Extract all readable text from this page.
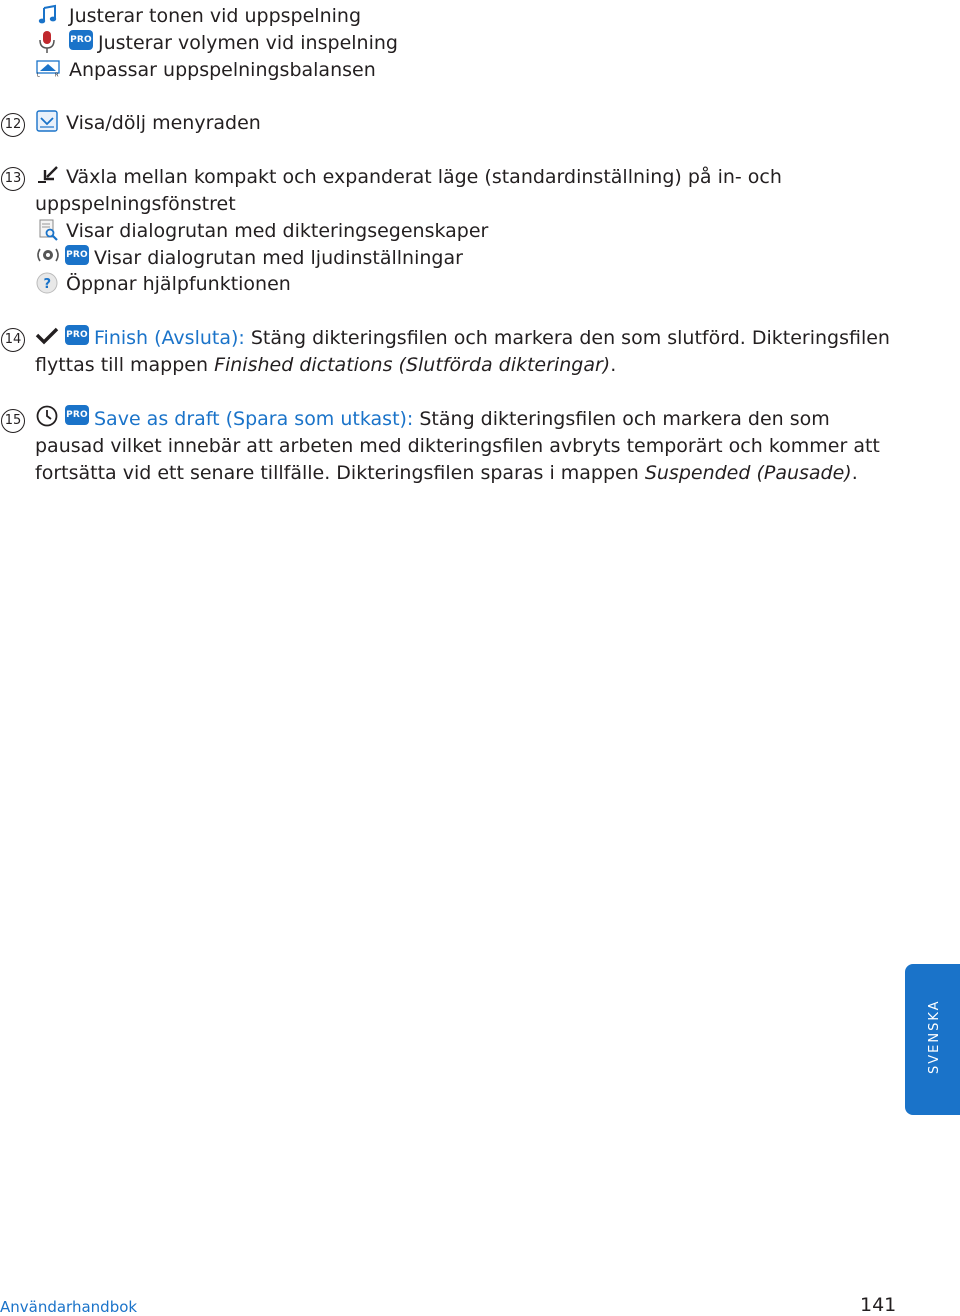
Justerar tonen vid uppspelning
PRO Justerar volymen vid inspelning
L	R Anpassar uppspelningsbalansen
12 Visa/dölj menyraden
13 Växla mellan kompakt och expanderat läge (standardinställning) på in- och
uppspelningsfönstret
Visar dialogrutan med dikteringsegenskaper
PRO Visar dialogrutan med ljudinställningar
? Öppnar hjälpfunktionen
14	PRO Finish (Avsluta): Stäng dikteringsfilen och markera den som slutförd. Dikteringsfilen flyttas till mappen Finished dictations (Slutförda dikteringar).
15	PRO Save as draft (Spara som utkast): Stäng dikteringsfilen och markera den som pausad vilket innebär att arbeten med dikteringsfilen avbryts temporärt och kommer att fortsätta vid ett senare tillfälle. Dikteringsfilen sparas i mappen Suspended (Pausade).
SVENSKA
Användarhandbok	141
